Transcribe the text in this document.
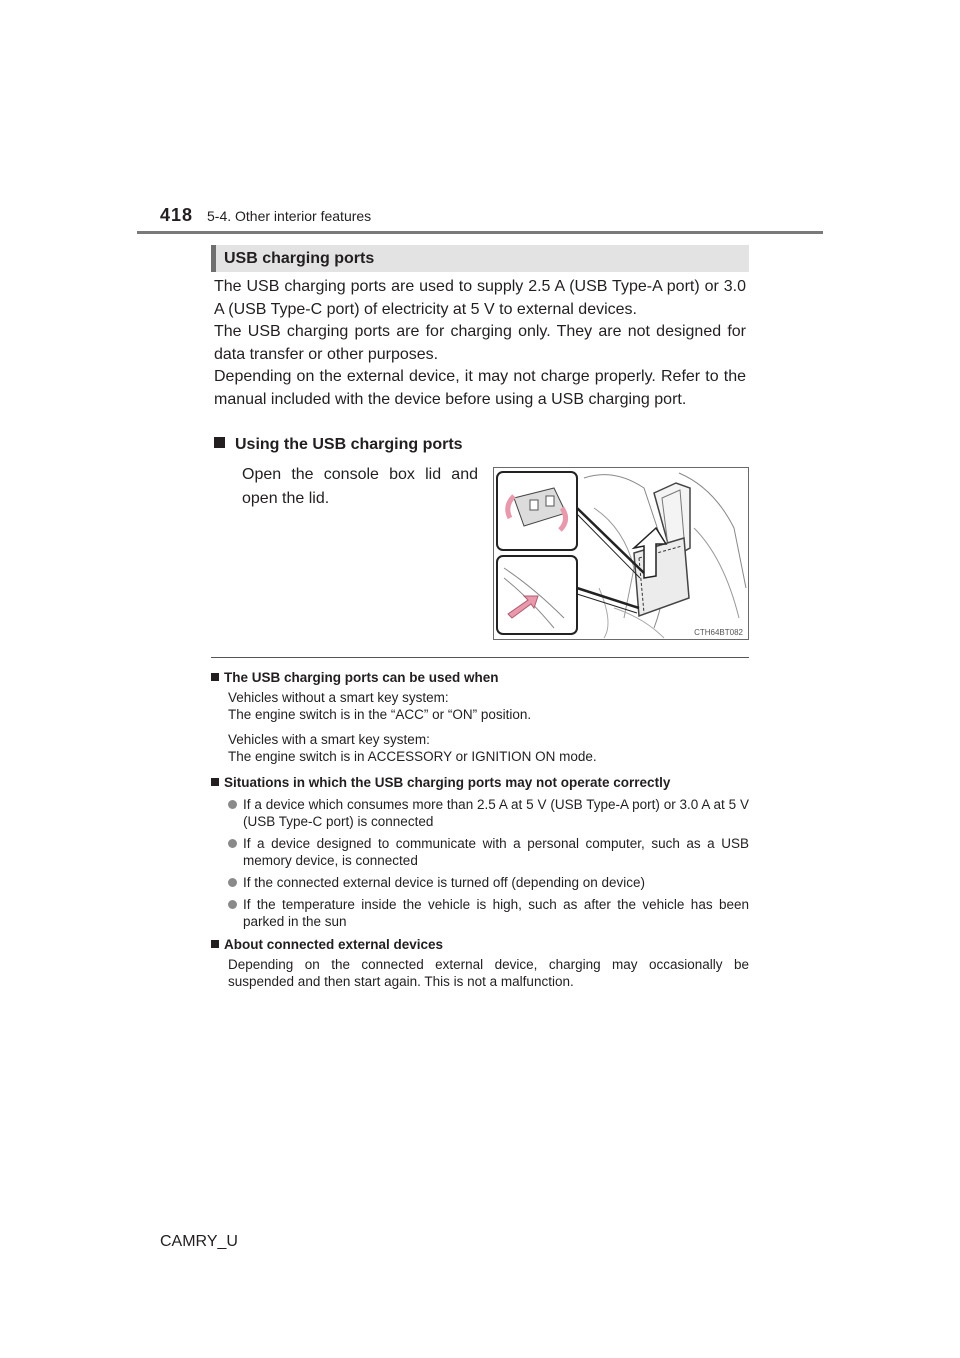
418 5-4. Other interior features
USB charging ports

The USB charging ports are used to supply 2.5 A (USB Type-A port) or 3.0 A (USB Type-C port) of electricity at 5 V to external devices.

The USB charging ports are for charging only. They are not designed for data transfer or other purposes.

Depending on the external device, it may not charge properly. Refer to the manual included with the device before using a USB charging port.

Using the USB charging ports
Open the console box lid and open the lid.
CTH64BT082
The USB charging ports can be used when
Vehicles without a smart key system:
The engine switch is in the “ACC” or “ON” position.
Vehicles with a smart key system:
The engine switch is in ACCESSORY or IGNITION ON mode.
Situations in which the USB charging ports may not operate correctly
If a device which consumes more than 2.5 A at 5 V (USB Type-A port) or 3.0 A at 5 V (USB Type-C port) is connected
If a device designed to communicate with a personal computer, such as a USB memory device, is connected
If the connected external device is turned off (depending on device)
If the temperature inside the vehicle is high, such as after the vehicle has been parked in the sun
About connected external devices
Depending on the connected external device, charging may occasionally be suspended and then start again. This is not a malfunction.
CAMRY_U
